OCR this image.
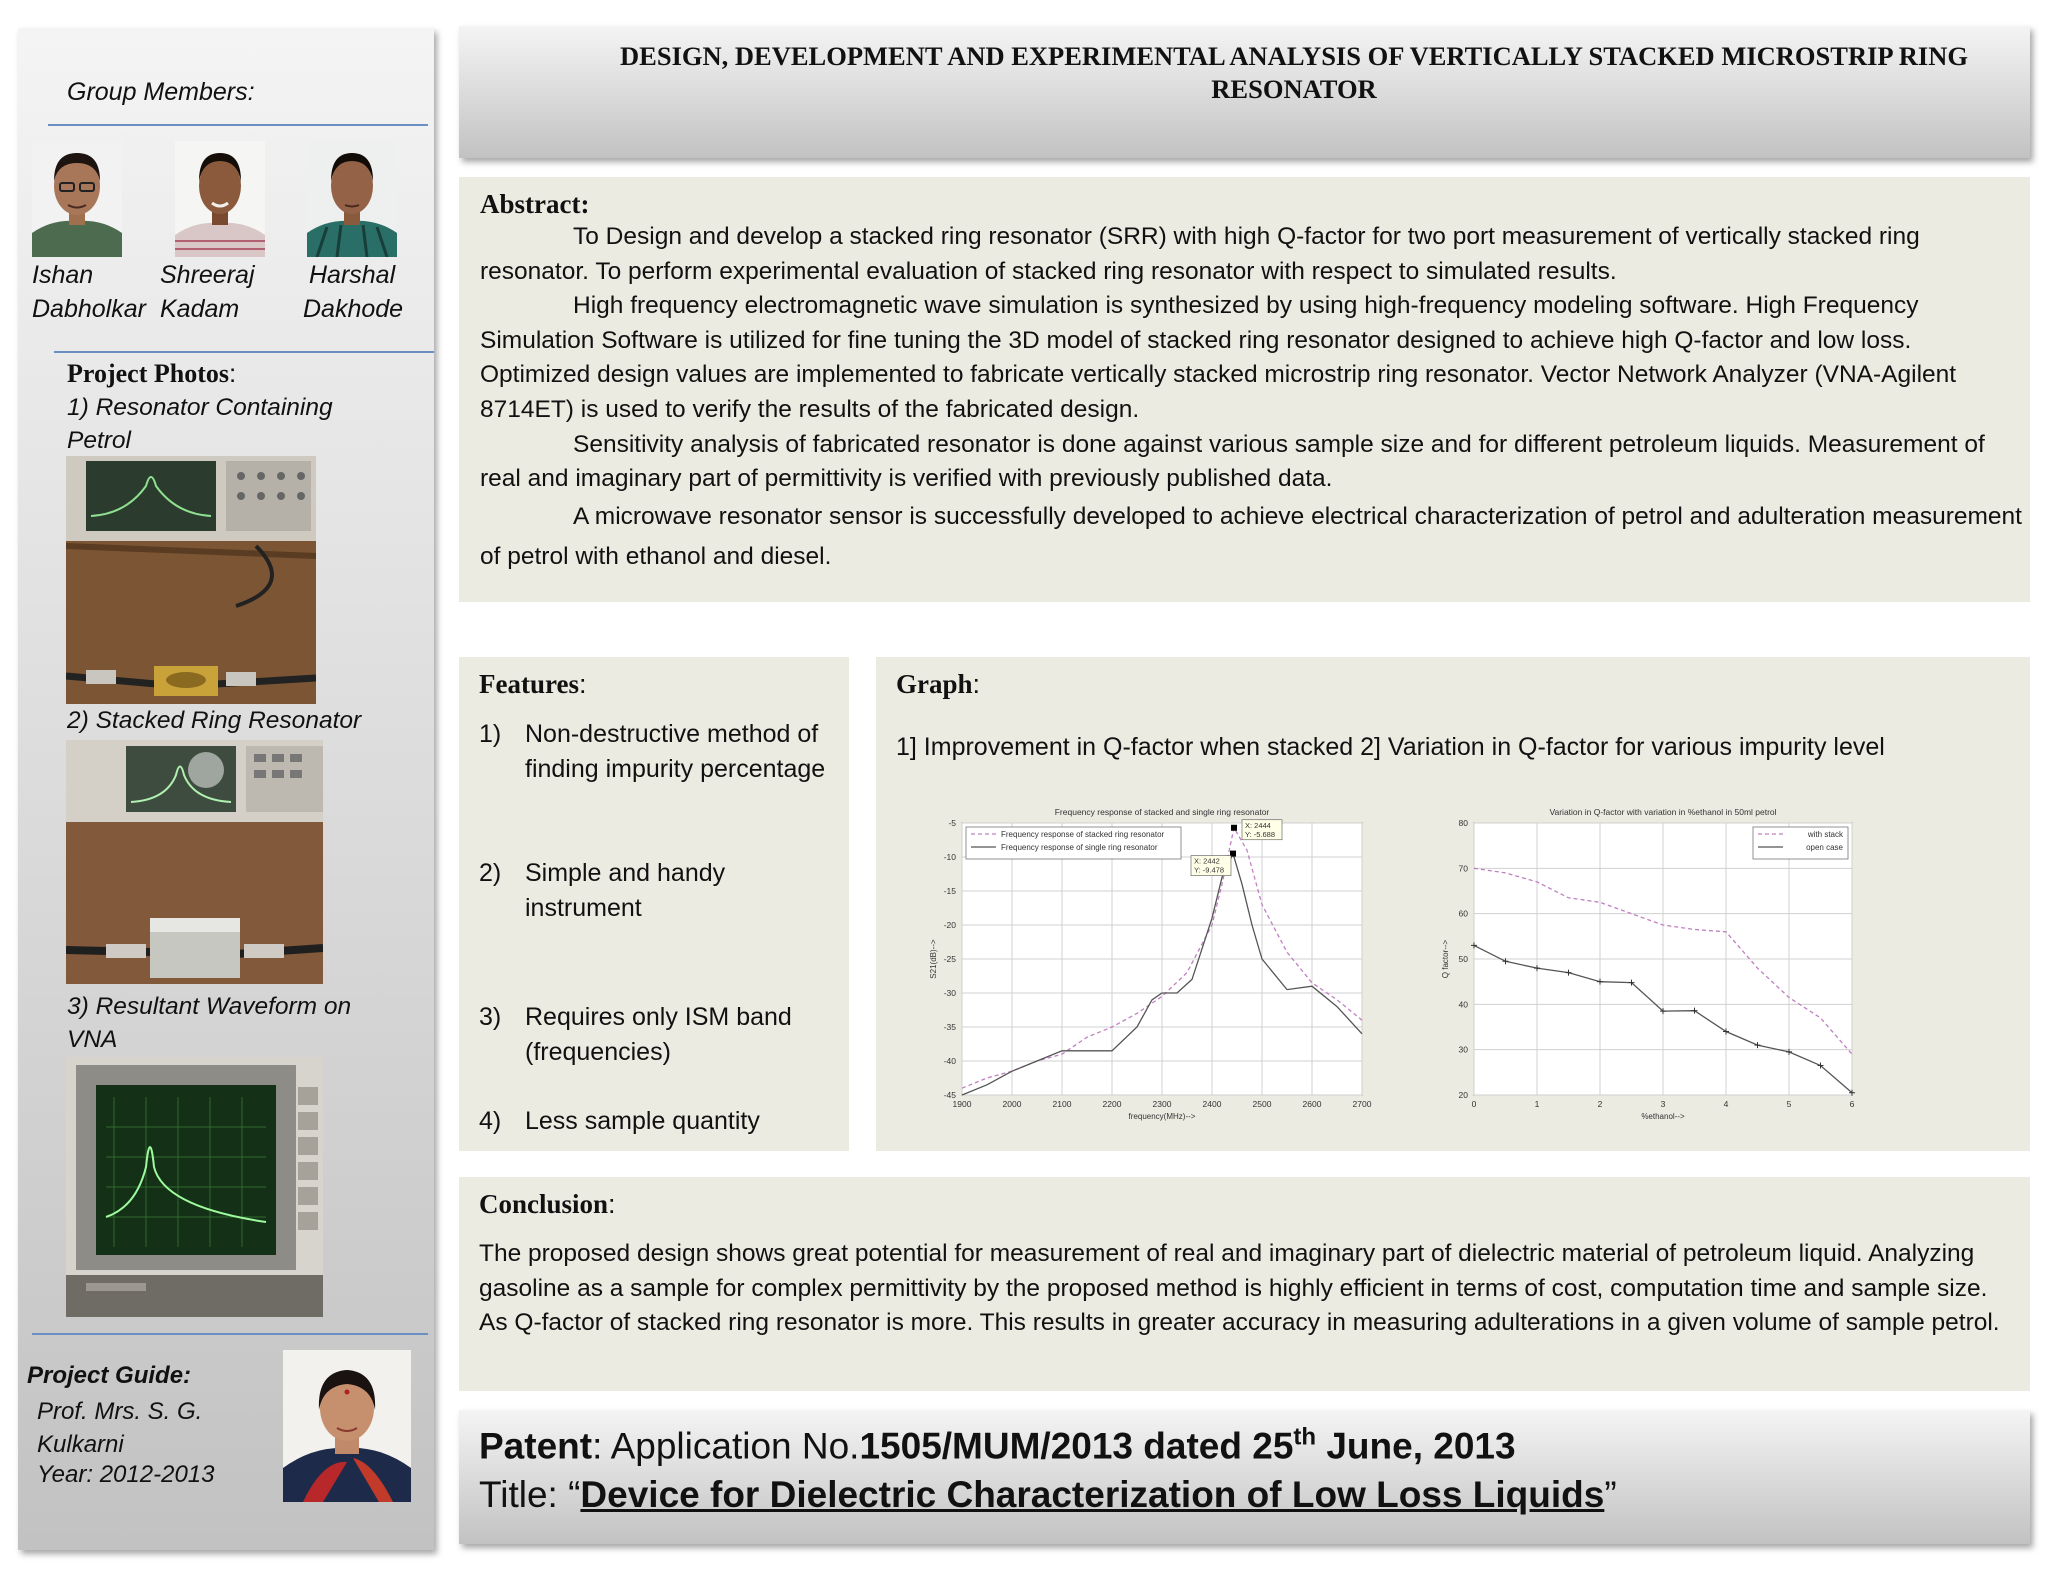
Group Members:
Ishan
Dabholkar
Shreeraj
Kadam
Harshal
Dakhode
Project Photos:
1) Resonator Containing Petrol
2) Stacked Ring Resonator
3) Resultant Waveform on VNA
Project Guide:
Prof. Mrs. S. G. Kulkarni
Year: 2012-2013
DESIGN, DEVELOPMENT AND EXPERIMENTAL ANALYSIS OF VERTICALLY STACKED MICROSTRIP RING RESONATOR
Abstract:
To Design and develop a stacked ring resonator (SRR) with high Q-factor for two port measurement of vertically stacked ring resonator. To perform experimental evaluation of stacked ring resonator with respect to simulated results.
High frequency electromagnetic wave simulation is synthesized by using high-frequency modeling software. High Frequency Simulation Software is utilized for fine tuning the 3D model of stacked ring resonator designed to achieve high Q-factor and low loss. Optimized design values are implemented to fabricate vertically stacked microstrip ring resonator. Vector Network Analyzer (VNA-Agilent 8714ET) is used to verify the results of the fabricated design.
Sensitivity analysis of fabricated resonator is done against various sample size and for different petroleum liquids. Measurement of real and imaginary part of permittivity is verified with previously published data.
A microwave resonator sensor is successfully developed to achieve electrical characterization of petrol and adulteration measurement of petrol with ethanol and diesel.
Features:
1) Non-destructive method of finding impurity percentage
2) Simple and handy instrument
3) Requires only ISM band (frequencies)
4) Less sample quantity
Graph:
1] Improvement in Q-factor when stacked 2] Variation in Q-factor for various impurity level
Frequency response of stacked and single ring resonator
1900	2000	2100	2200	2300	2400	2500	2600	2700
-5
-10
-15
-20
-25
-30
-35
-40
-45
frequency(MHz)-->
S21(dB)-->
Frequency response of stacked ring resonator
Frequency response of single ring resonator
X: 2444
Y: -5.688
X: 2442
Y: -9.478
Variation in Q-factor with variation in %ethanol in 50ml petrol
0	1	2	3	4	5	6
20
30
40
50
60
70
80
%ethanol-->
Q factor-->
with stack
open case
Conclusion:
The proposed design shows great potential for measurement of real and imaginary part of dielectric material of petroleum liquid. Analyzing gasoline as a sample for complex permittivity by the proposed method is highly efficient in terms of cost, computation time and sample size. As Q-factor of stacked ring resonator is more. This results in greater accuracy in measuring adulterations in a given volume of sample petrol.
Patent: Application No.1505/MUM/2013 dated 25th June, 2013
Title: “Device for Dielectric Characterization of Low Loss Liquids”
